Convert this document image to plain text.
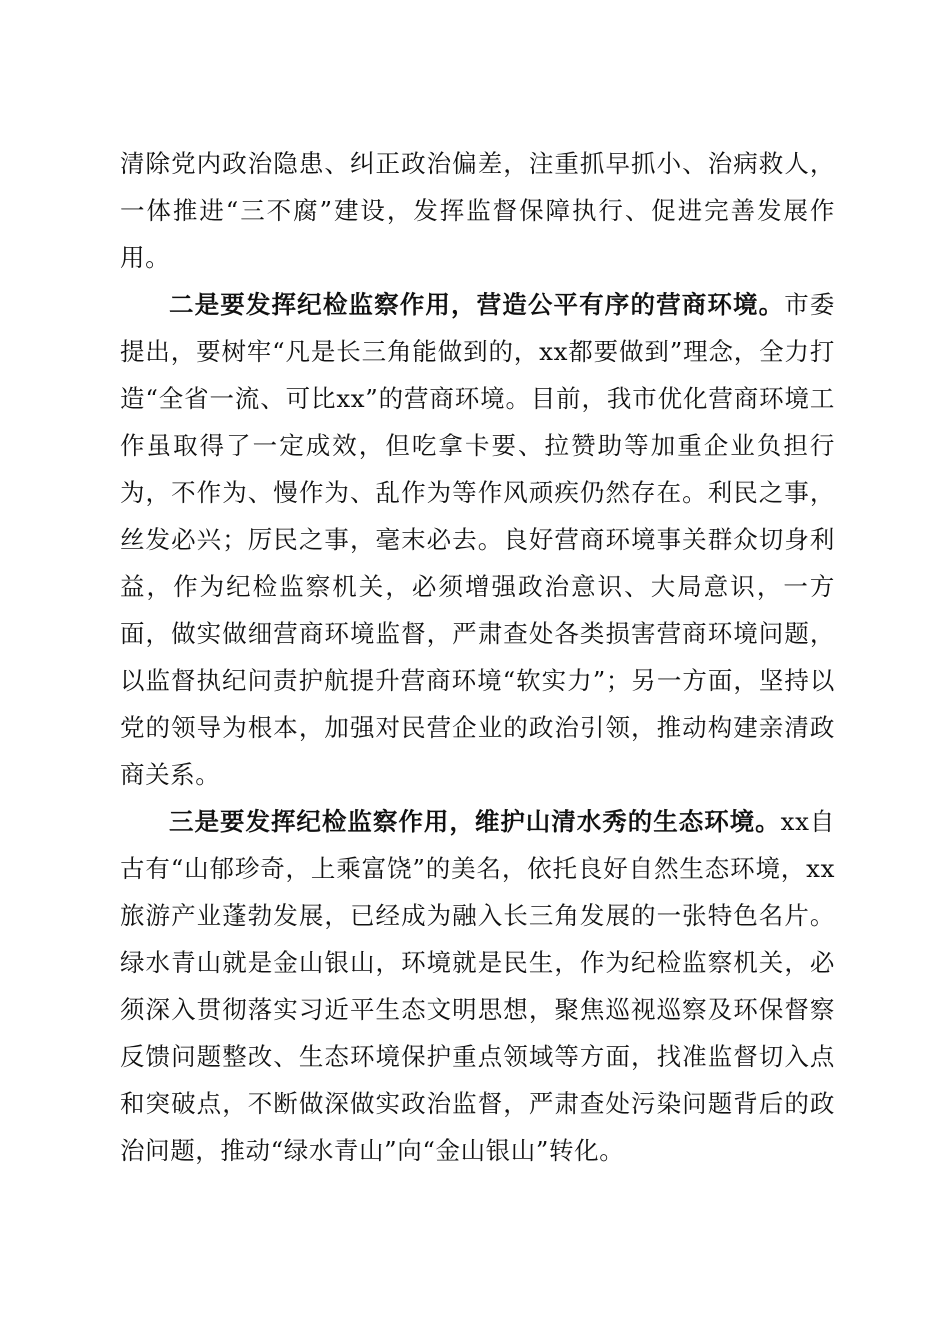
清除党内政治隐患、纠正政治偏差，注重抓早抓小、治病救人，一体推进“三不腐”建设，发挥监督保障执行、促进完善发展作用。

二是要发挥纪检监察作用，营造公平有序的营商环境。市委提出，要树牢“凡是长三角能做到的，xx都要做到”理念，全力打造“全省一流、可比xx”的营商环境。目前，我市优化营商环境工作虽取得了一定成效，但吃拿卡要、拉赞助等加重企业负担行为，不作为、慢作为、乱作为等作风顽疾仍然存在。利民之事，丝发必兴；厉民之事，毫末必去。良好营商环境事关群众切身利益，作为纪检监察机关，必须增强政治意识、大局意识，一方面，做实做细营商环境监督，严肃查处各类损害营商环境问题，以监督执纪问责护航提升营商环境“软实力”；另一方面，坚持以党的领导为根本，加强对民营企业的政治引领，推动构建亲清政商关系。

三是要发挥纪检监察作用，维护山清水秀的生态环境。xx自古有“山郁珍奇，上乘富饶”的美名，依托良好自然生态环境，xx旅游产业蓬勃发展，已经成为融入长三角发展的一张特色名片。绿水青山就是金山银山，环境就是民生，作为纪检监察机关，必须深入贯彻落实习近平生态文明思想，聚焦巡视巡察及环保督察反馈问题整改、生态环境保护重点领域等方面，找准监督切入点和突破点，不断做深做实政治监督，严肃查处污染问题背后的政治问题，推动“绿水青山”向“金山银山”转化。
